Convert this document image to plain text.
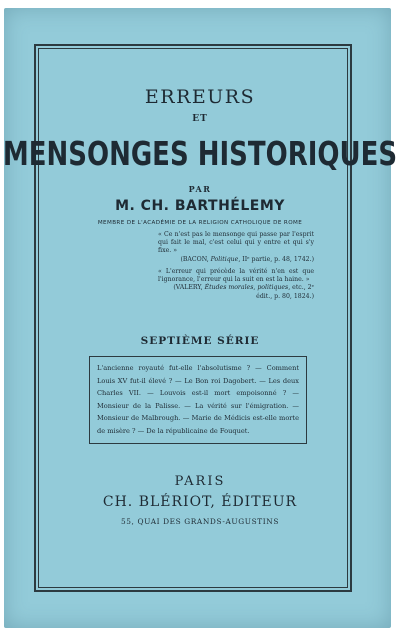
ERREURS
ET
MENSONGES HISTORIQUES
PAR
M. CH. BARTHÉLEMY
MEMBRE DE L'ACADÉMIE DE LA RELIGION CATHOLIQUE DE ROME

« Ce n'est pas le mensonge qui passe par l'esprit qui fait le mal, c'est celui qui y entre et qui s'y fixe. »
(BACON, Politique, IIᵉ partie, p. 48, 1742.)

« L'erreur qui précède la vérité n'en est que l'ignorance, l'erreur qui la suit en est la haine. »
(VALERY, Études morales, politiques, etc., 2ᵉ édit., p. 80, 1824.)

SEPTIÈME SÉRIE

L'ancienne royauté fut-elle l'absolutisme ? — Comment Louis XV fut-il élevé ? — Le Bon roi Dagobert. — Les deux Charles VII. — Louvois est-il mort empoisonné ? — Monsieur de la Palisse. — La vérité sur l'émigration. — Monsieur de Malbrough. — Marie de Médicis est-elle morte de misère ? — De la républicaine de Fouquet.

PARIS
CH. BLÉRIOT, ÉDITEUR
55, QUAI DES GRANDS-AUGUSTINS
